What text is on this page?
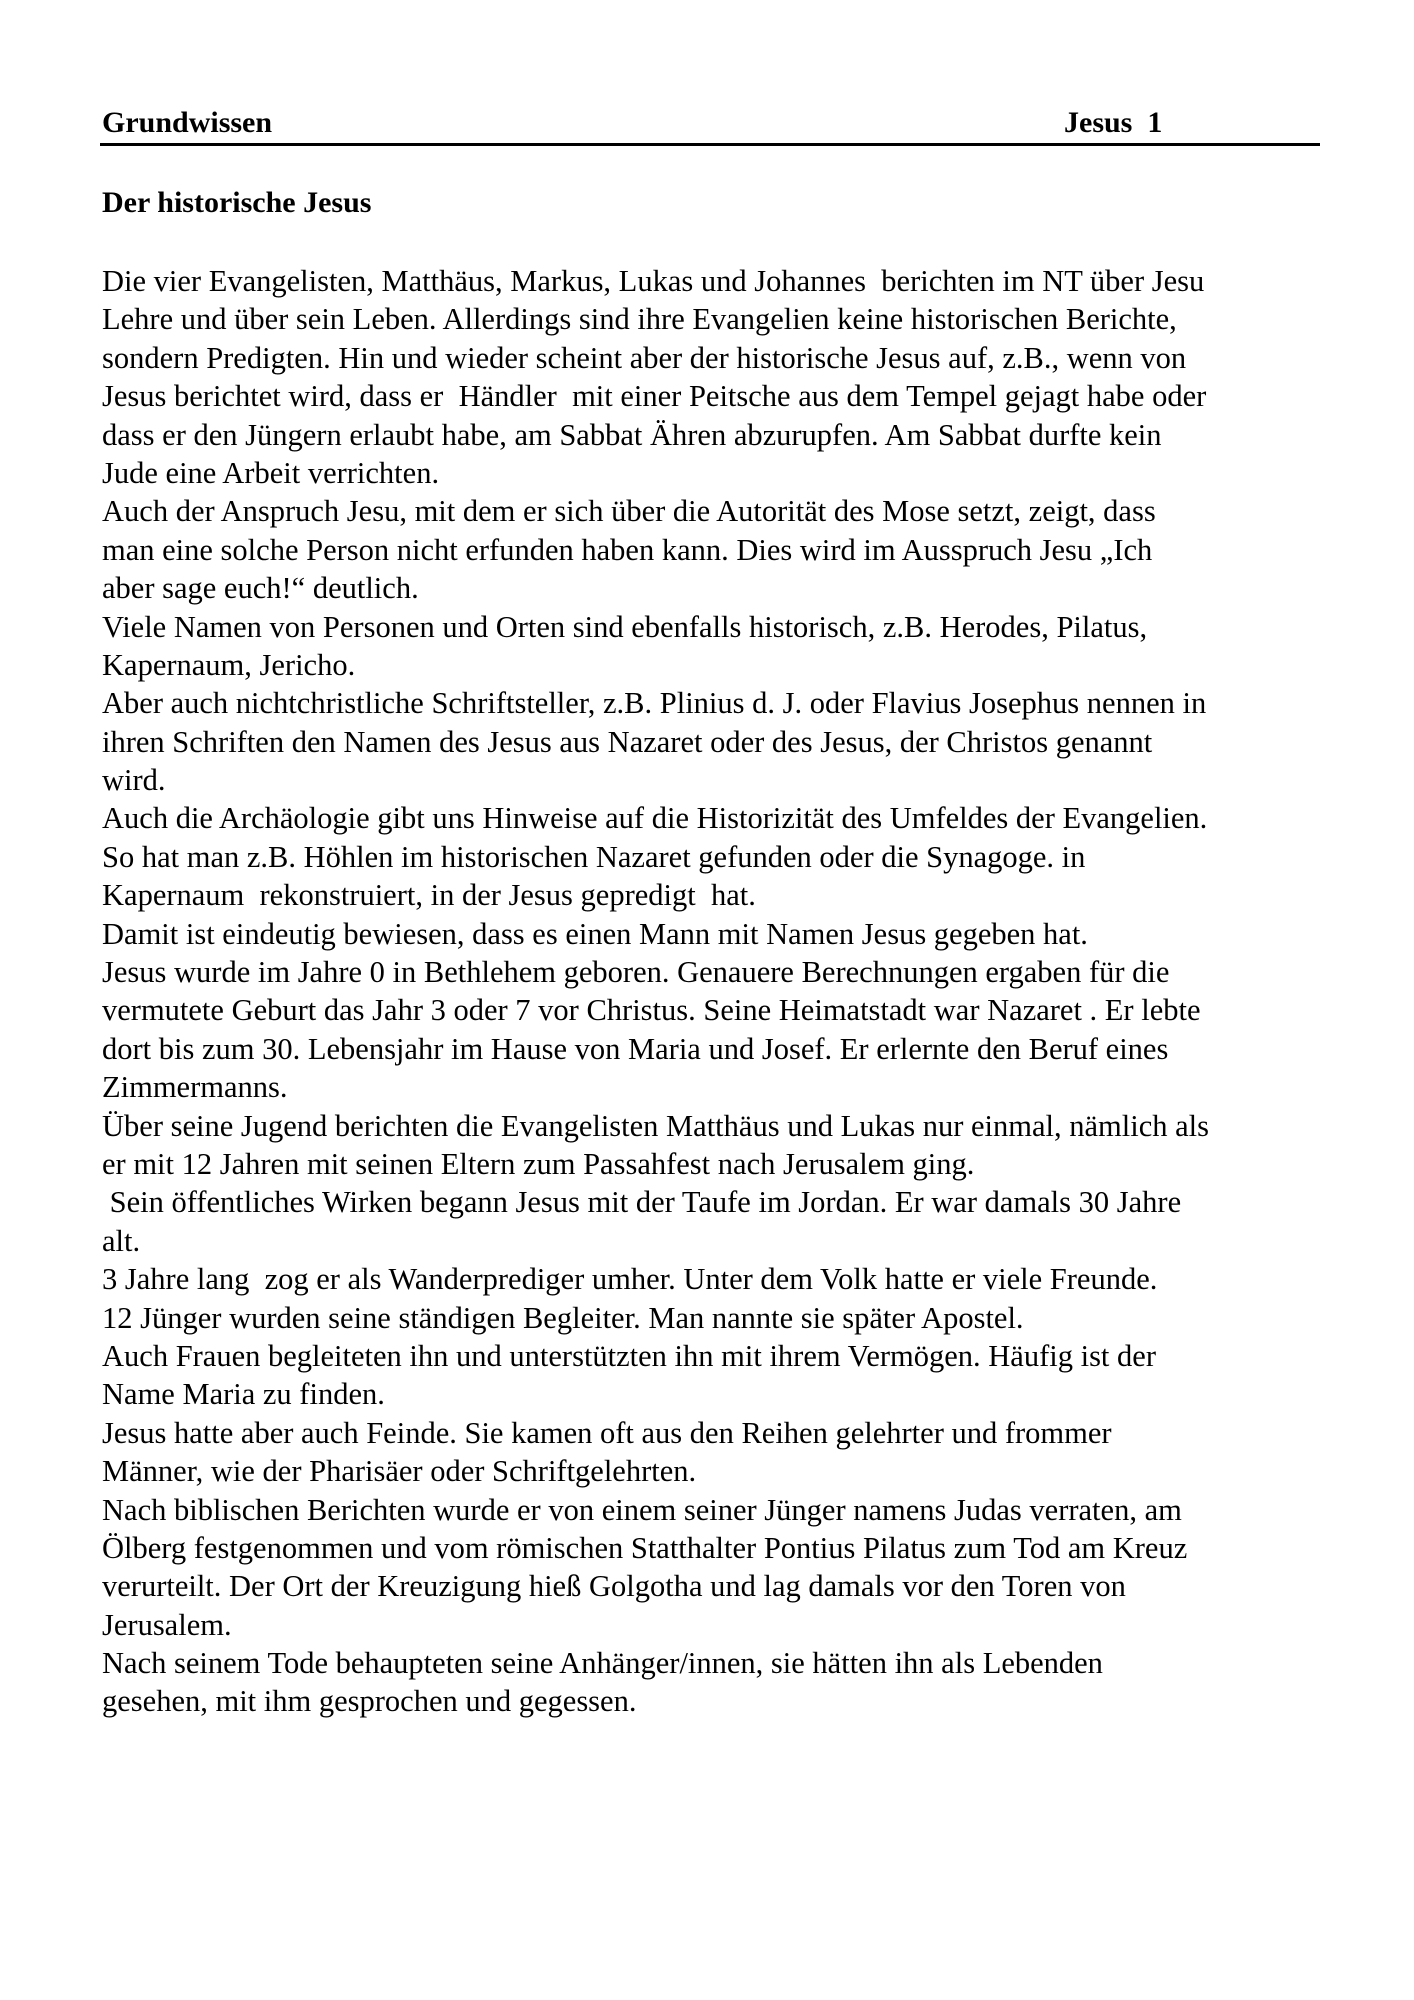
Grundwissen	Jesus  1
Der historische Jesus
Die vier Evangelisten, Matthäus, Markus, Lukas und Johannes  berichten im NT über Jesu
Lehre und über sein Leben. Allerdings sind ihre Evangelien keine historischen Berichte,
sondern Predigten. Hin und wieder scheint aber der historische Jesus auf, z.B., wenn von
Jesus berichtet wird, dass er  Händler  mit einer Peitsche aus dem Tempel gejagt habe oder
dass er den Jüngern erlaubt habe, am Sabbat Ähren abzurupfen. Am Sabbat durfte kein
Jude eine Arbeit verrichten.
Auch der Anspruch Jesu, mit dem er sich über die Autorität des Mose setzt, zeigt, dass
man eine solche Person nicht erfunden haben kann. Dies wird im Ausspruch Jesu „Ich
aber sage euch!“ deutlich.
Viele Namen von Personen und Orten sind ebenfalls historisch, z.B. Herodes, Pilatus,
Kapernaum, Jericho.
Aber auch nichtchristliche Schriftsteller, z.B. Plinius d. J. oder Flavius Josephus nennen in
ihren Schriften den Namen des Jesus aus Nazaret oder des Jesus, der Christos genannt
wird.
Auch die Archäologie gibt uns Hinweise auf die Historizität des Umfeldes der Evangelien.
So hat man z.B. Höhlen im historischen Nazaret gefunden oder die Synagoge. in
Kapernaum  rekonstruiert, in der Jesus gepredigt  hat.
Damit ist eindeutig bewiesen, dass es einen Mann mit Namen Jesus gegeben hat.
Jesus wurde im Jahre 0 in Bethlehem geboren. Genauere Berechnungen ergaben für die
vermutete Geburt das Jahr 3 oder 7 vor Christus. Seine Heimatstadt war Nazaret . Er lebte
dort bis zum 30. Lebensjahr im Hause von Maria und Josef. Er erlernte den Beruf eines
Zimmermanns.
Über seine Jugend berichten die Evangelisten Matthäus und Lukas nur einmal, nämlich als
er mit 12 Jahren mit seinen Eltern zum Passahfest nach Jerusalem ging.
Sein öffentliches Wirken begann Jesus mit der Taufe im Jordan. Er war damals 30 Jahre
alt.
3 Jahre lang  zog er als Wanderprediger umher. Unter dem Volk hatte er viele Freunde.
12 Jünger wurden seine ständigen Begleiter. Man nannte sie später Apostel.
Auch Frauen begleiteten ihn und unterstützten ihn mit ihrem Vermögen. Häufig ist der
Name Maria zu finden.
Jesus hatte aber auch Feinde. Sie kamen oft aus den Reihen gelehrter und frommer
Männer, wie der Pharisäer oder Schriftgelehrten.
Nach biblischen Berichten wurde er von einem seiner Jünger namens Judas verraten, am
Ölberg festgenommen und vom römischen Statthalter Pontius Pilatus zum Tod am Kreuz
verurteilt. Der Ort der Kreuzigung hieß Golgotha und lag damals vor den Toren von
Jerusalem.
Nach seinem Tode behaupteten seine Anhänger/innen, sie hätten ihn als Lebenden
gesehen, mit ihm gesprochen und gegessen.
